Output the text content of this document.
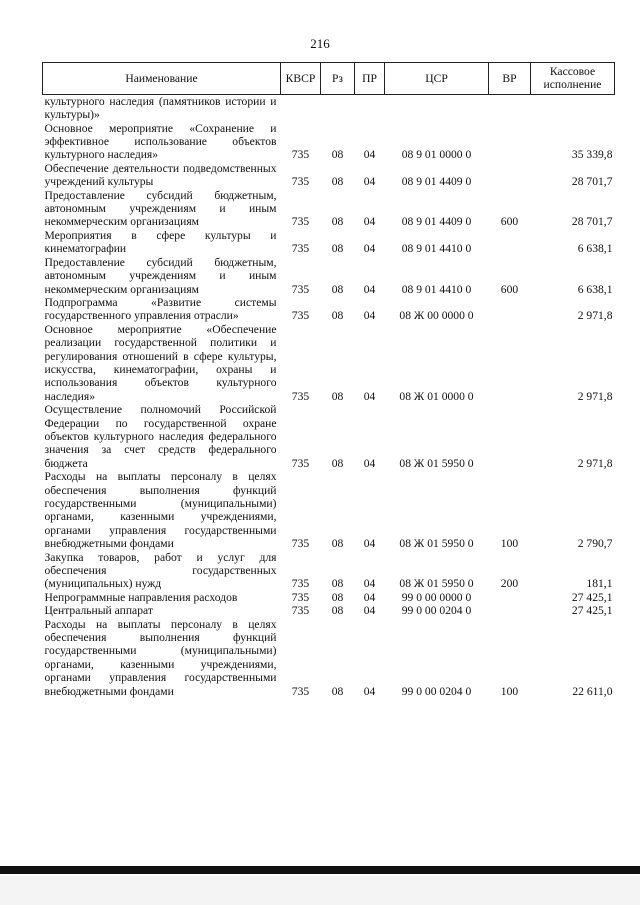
216
Наименование	КВСР	Рз	ПР	ЦСР	ВР	Кассовое исполнение
культурного наследия (памятников истории и культуры)»						
Основное мероприятие «Сохранение и эффективное использование объектов культурного наследия»	735	08	04	08 9 01 0000 0		35 339,8
Обеспечение деятельности подведомственных учреждений культуры	735	08	04	08 9 01 4409 0		28 701,7
Предоставление субсидий бюджетным, автономным учреждениям и иным некоммерческим организациям	735	08	04	08 9 01 4409 0	600	28 701,7
Мероприятия в сфере культуры и кинематографии	735	08	04	08 9 01 4410 0		6 638,1
Предоставление субсидий бюджетным, автономным учреждениям и иным некоммерческим организациям	735	08	04	08 9 01 4410 0	600	6 638,1
Подпрограмма «Развитие системы государственного управления отрасли»	735	08	04	08 Ж 00 0000 0		2 971,8
Основное мероприятие «Обеспечение реализации государственной политики и регулирования отношений в сфере культуры, искусства, кинематографии, охраны и использования объектов культурного наследия»	735	08	04	08 Ж 01 0000 0		2 971,8
Осуществление полномочий Российской Федерации по государственной охране объектов культурного наследия федерального значения за счет средств федерального бюджета	735	08	04	08 Ж 01 5950 0		2 971,8
Расходы на выплаты персоналу в целях обеспечения выполнения функций государственными (муниципальными) органами, казенными учреждениями, органами управления государственными внебюджетными фондами	735	08	04	08 Ж 01 5950 0	100	2 790,7
Закупка товаров, работ и услуг для обеспечения государственных (муниципальных) нужд	735	08	04	08 Ж 01 5950 0	200	181,1
Непрограммные направления расходов	735	08	04	99 0 00 0000 0		27 425,1
Центральный аппарат	735	08	04	99 0 00 0204 0		27 425,1
Расходы на выплаты персоналу в целях обеспечения выполнения функций государственными (муниципальными) органами, казенными учреждениями, органами управления государственными внебюджетными фондами	735	08	04	99 0 00 0204 0	100	22 611,0
